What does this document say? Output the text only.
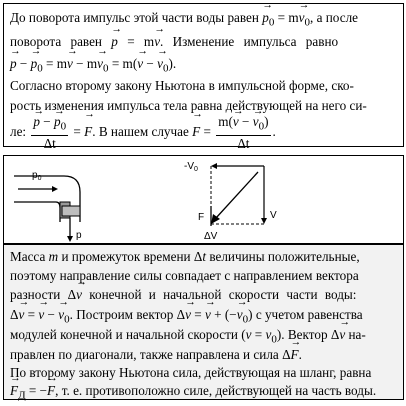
До поворота импульс этой части воды равен → $p_0 = m\to v_0$, а после
поворота равен → p = m→ v. Изменение импульса равно
→ p − → $p_0 = m\to v - m\to v_0 = m(\to v$ − → $v_0$).
Согласно второму закону Ньютона в импульсной форме, ско-
рость изменения импульса тела равна действующей на него си-
ле: → $\frac{p - \to p_0}{\Delta t}$ = → F. В нашем случае → $F = \frac{m(\to v - \to v_0)}{\Delta t}$ .
$p_0$
p
$-V_0$
V
F
ΔV
Масса m и промежуток времени Δt величины положительные,
поэтому направление силы совпадает с направлением вектора
разности Δ→ v конечной и начальной скорости части воды:
Δ→ v = → v − → $v_0$. Построим вектор Δ→ v = → v + (−→ $v_0$) с учетом равенства
модулей конечной и начальной скорости $(v = v_0)$. Вектор Δ→ v на-
правлен по диагонали, также направлена и сила Δ→ F.
По второму закону Ньютона сила, действующая на шланг, равна
→ $F_Д$ = −→ F, т. е. противоположно силе, действующей на часть воды.
